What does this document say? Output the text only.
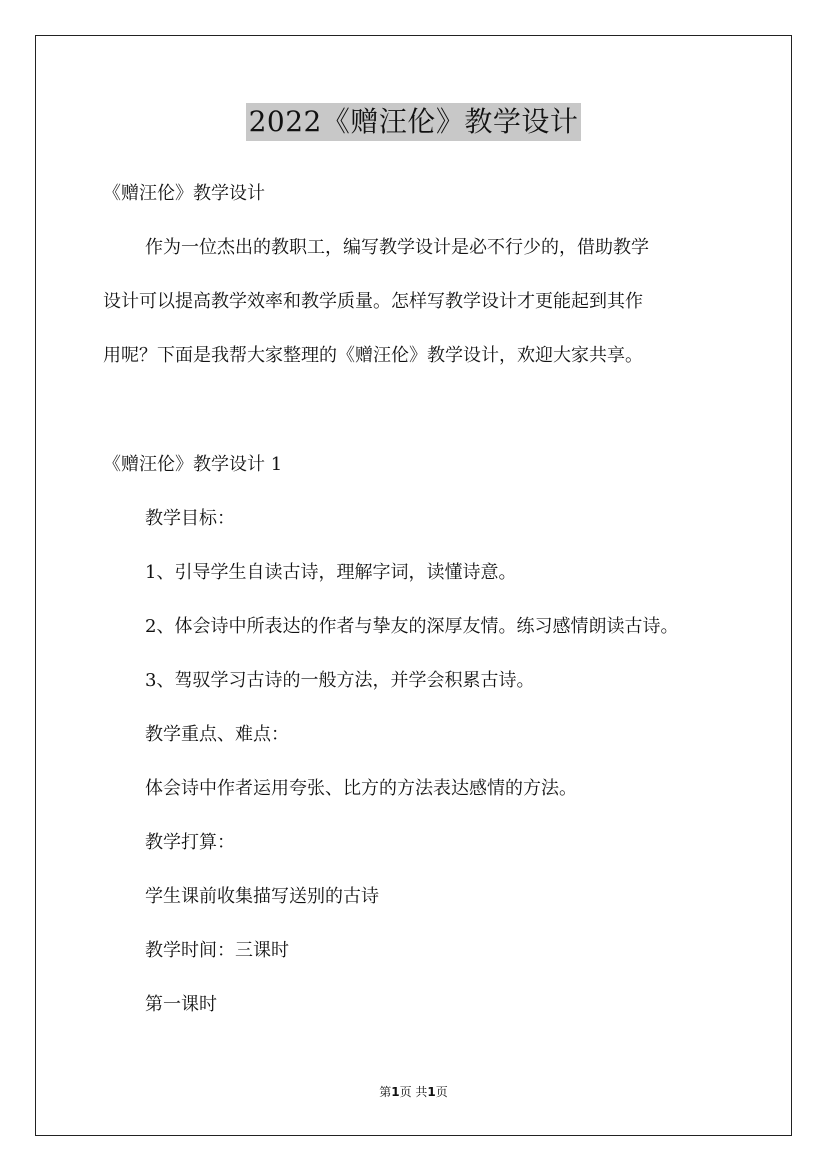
2022《赠汪伦》教学设计
《赠汪伦》教学设计
作为一位杰出的教职工，编写教学设计是必不行少的，借助教学
设计可以提高教学效率和教学质量。怎样写教学设计才更能起到其作
用呢？下面是我帮大家整理的《赠汪伦》教学设计，欢迎大家共享。
《赠汪伦》教学设计 1
教学目标：
1、引导学生自读古诗，理解字词，读懂诗意。
2、体会诗中所表达的作者与挚友的深厚友情。练习感情朗读古诗。
3、驾驭学习古诗的一般方法，并学会积累古诗。
教学重点、难点：
体会诗中作者运用夸张、比方的方法表达感情的方法。
教学打算：
学生课前收集描写送别的古诗
教学时间：三课时
第一课时
第1页 共1页
